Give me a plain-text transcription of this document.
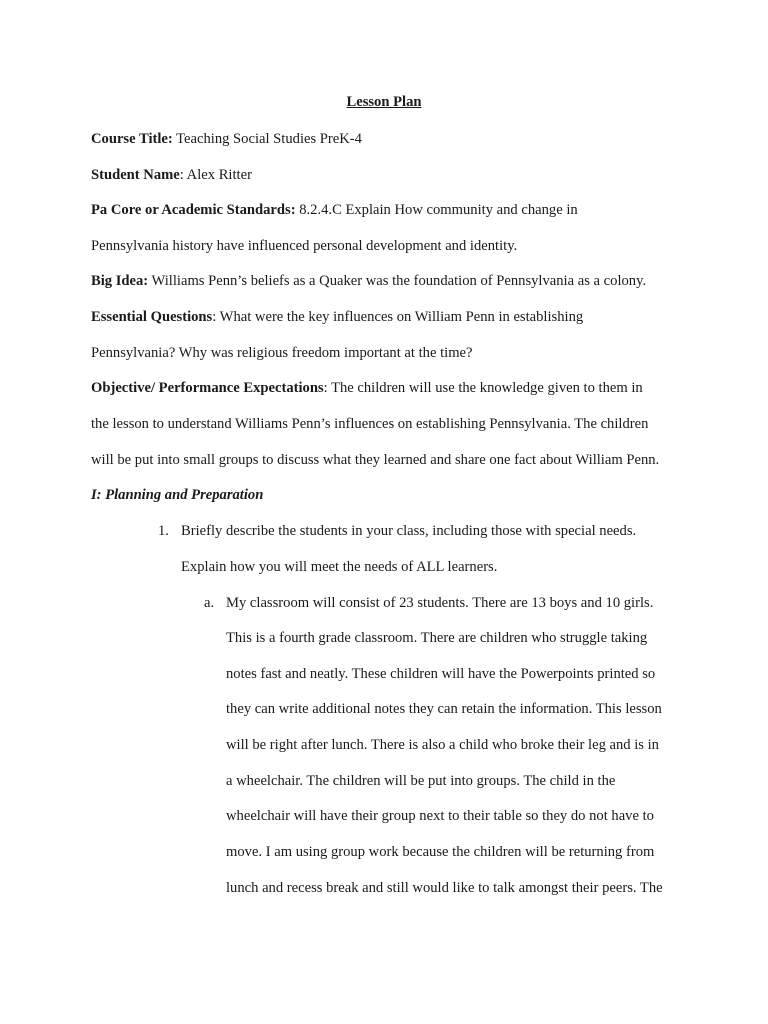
Lesson Plan
Course Title: Teaching Social Studies PreK-4
Student Name: Alex Ritter
Pa Core or Academic Standards: 8.2.4.C Explain How community and change in
Pennsylvania history have influenced personal development and identity.
Big Idea: Williams Penn’s beliefs as a Quaker was the foundation of Pennsylvania as a colony.
Essential Questions: What were the key influences on William Penn in establishing
Pennsylvania? Why was religious freedom important at the time?
Objective/ Performance Expectations: The children will use the knowledge given to them in
the lesson to understand Williams Penn’s influences on establishing Pennsylvania. The children
will be put into small groups to discuss what they learned and share one fact about William Penn.
I: Planning and Preparation
1. Briefly describe the students in your class, including those with special needs.
Explain how you will meet the needs of ALL learners.
a. My classroom will consist of 23 students. There are 13 boys and 10 girls.
This is a fourth grade classroom. There are children who struggle taking
notes fast and neatly. These children will have the Powerpoints printed so
they can write additional notes they can retain the information. This lesson
will be right after lunch. There is also a child who broke their leg and is in
a wheelchair. The children will be put into groups. The child in the
wheelchair will have their group next to their table so they do not have to
move. I am using group work because the children will be returning from
lunch and recess break and still would like to talk amongst their peers. The
